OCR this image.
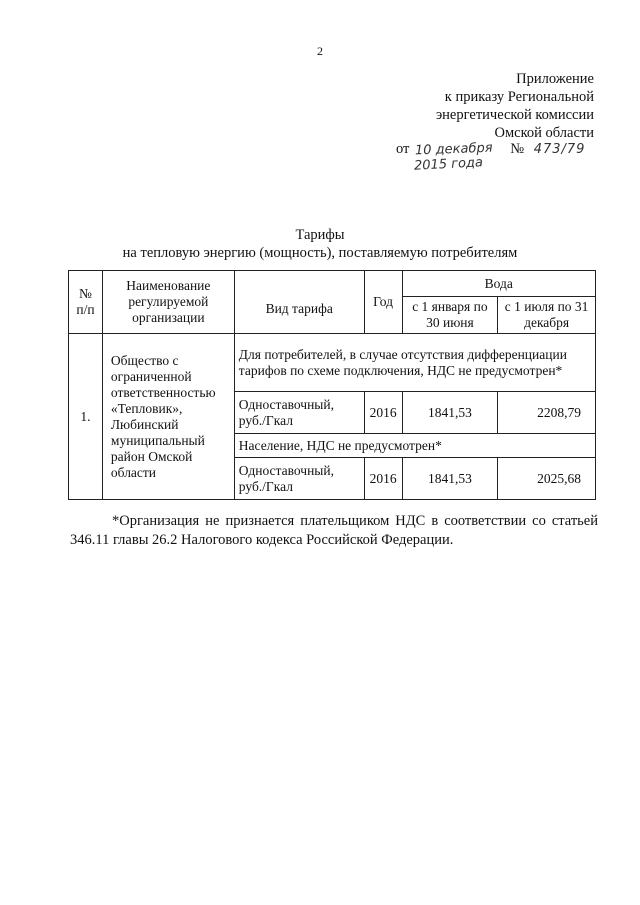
2
Приложение
к приказу Региональной
энергетической комиссии
Омской области
от 10 декабря № 473/79
2015 года
Тарифы
на тепловую энергию (мощность), поставляемую потребителям
№ п/п	Наименование регулируемой организации	Вид тарифа	Год	Вода	
				с 1 января по 30 июня	с 1 июля по 31 декабря
1.	Общество с ограниченной ответственностью «Тепловик», Любинский муниципальный район Омской области	Для потребителей, в случае отсутствия дифференциации тарифов по схеме подключения, НДС не предусмотрен*			
		Одноставочный, руб./Гкал	2016	1841,53	2208,79
		Население, НДС не предусмотрен*			
		Одноставочный, руб./Гкал	2016	1841,53	2025,68
*Организация не признается плательщиком НДС в соответствии со статьей 346.11 главы 26.2 Налогового кодекса Российской Федерации.
